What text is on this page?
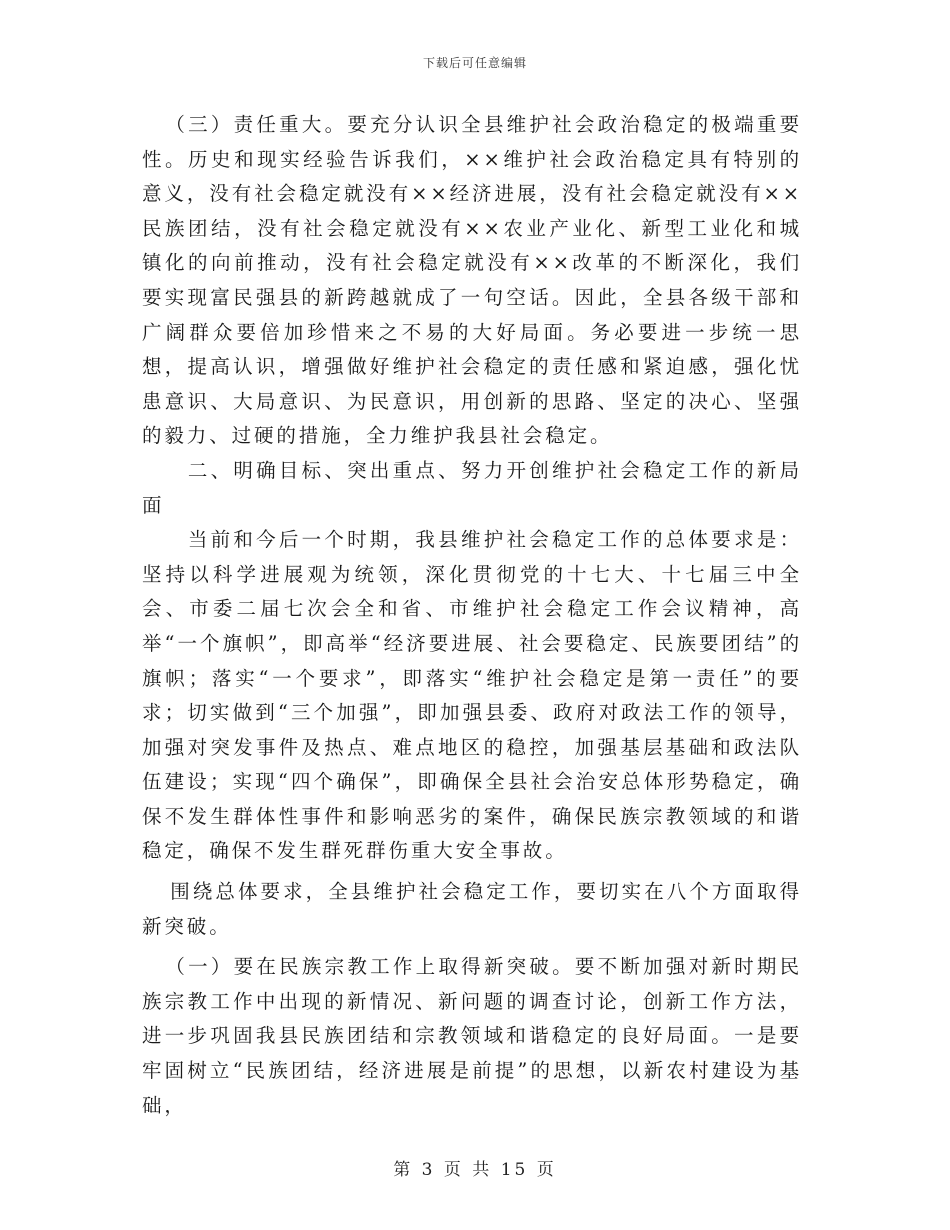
下载后可任意编辑

（三）责任重大。要充分认识全县维护社会政治稳定的极端重要性。历史和现实经验告诉我们，××维护社会政治稳定具有特别的意义，没有社会稳定就没有××经济进展，没有社会稳定就没有××民族团结，没有社会稳定就没有××农业产业化、新型工业化和城镇化的向前推动，没有社会稳定就没有××改革的不断深化，我们要实现富民强县的新跨越就成了一句空话。因此，全县各级干部和广阔群众要倍加珍惜来之不易的大好局面。务必要进一步统一思想，提高认识，增强做好维护社会稳定的责任感和紧迫感，强化忧患意识、大局意识、为民意识，用创新的思路、坚定的决心、坚强的毅力、过硬的措施，全力维护我县社会稳定。

二、明确目标、突出重点、努力开创维护社会稳定工作的新局面

当前和今后一个时期，我县维护社会稳定工作的总体要求是：坚持以科学进展观为统领，深化贯彻党的十七大、十七届三中全会、市委二届七次会全和省、市维护社会稳定工作会议精神，高举“一个旗帜”，即高举“经济要进展、社会要稳定、民族要团结”的旗帜；落实“一个要求”，即落实“维护社会稳定是第一责任”的要求；切实做到“三个加强”，即加强县委、政府对政法工作的领导，加强对突发事件及热点、难点地区的稳控，加强基层基础和政法队伍建设；实现“四个确保”，即确保全县社会治安总体形势稳定，确保不发生群体性事件和影响恶劣的案件，确保民族宗教领域的和谐稳定，确保不发生群死群伤重大安全事故。

围绕总体要求，全县维护社会稳定工作，要切实在八个方面取得新突破。

（一）要在民族宗教工作上取得新突破。要不断加强对新时期民族宗教工作中出现的新情况、新问题的调查讨论，创新工作方法，进一步巩固我县民族团结和宗教领域和谐稳定的良好局面。一是要牢固树立“民族团结，经济进展是前提”的思想，以新农村建设为基础，

第 3 页 共 15 页
